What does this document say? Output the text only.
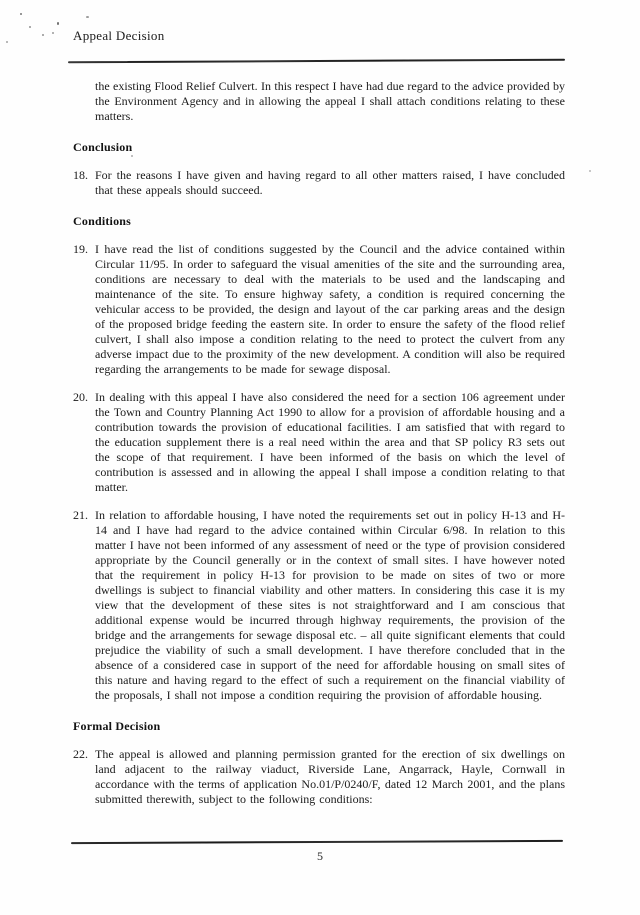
Appeal Decision

the existing Flood Relief Culvert. In this respect I have had due regard to the advice provided by the Environment Agency and in allowing the appeal I shall attach conditions relating to these matters.

Conclusion
18. For the reasons I have given and having regard to all other matters raised, I have concluded that these appeals should succeed.
Conditions
19. I have read the list of conditions suggested by the Council and the advice contained within Circular 11/95. In order to safeguard the visual amenities of the site and the surrounding area, conditions are necessary to deal with the materials to be used and the landscaping and maintenance of the site. To ensure highway safety, a condition is required concerning the vehicular access to be provided, the design and layout of the car parking areas and the design of the proposed bridge feeding the eastern site. In order to ensure the safety of the flood relief culvert, I shall also impose a condition relating to the need to protect the culvert from any adverse impact due to the proximity of the new development. A condition will also be required regarding the arrangements to be made for sewage disposal.
20. In dealing with this appeal I have also considered the need for a section 106 agreement under the Town and Country Planning Act 1990 to allow for a provision of affordable housing and a contribution towards the provision of educational facilities. I am satisfied that with regard to the education supplement there is a real need within the area and that SP policy R3 sets out the scope of that requirement. I have been informed of the basis on which the level of contribution is assessed and in allowing the appeal I shall impose a condition relating to that matter.
21. In relation to affordable housing, I have noted the requirements set out in policy H-13 and H-14 and I have had regard to the advice contained within Circular 6/98. In relation to this matter I have not been informed of any assessment of need or the type of provision considered appropriate by the Council generally or in the context of small sites. I have however noted that the requirement in policy H-13 for provision to be made on sites of two or more dwellings is subject to financial viability and other matters. In considering this case it is my view that the development of these sites is not straightforward and I am conscious that additional expense would be incurred through highway requirements, the provision of the bridge and the arrangements for sewage disposal etc. – all quite significant elements that could prejudice the viability of such a small development. I have therefore concluded that in the absence of a considered case in support of the need for affordable housing on small sites of this nature and having regard to the effect of such a requirement on the financial viability of the proposals, I shall not impose a condition requiring the provision of affordable housing.
Formal Decision
22. The appeal is allowed and planning permission granted for the erection of six dwellings on land adjacent to the railway viaduct, Riverside Lane, Angarrack, Hayle, Cornwall in accordance with the terms of application No.01/P/0240/F, dated 12 March 2001, and the plans submitted therewith, subject to the following conditions:
5
